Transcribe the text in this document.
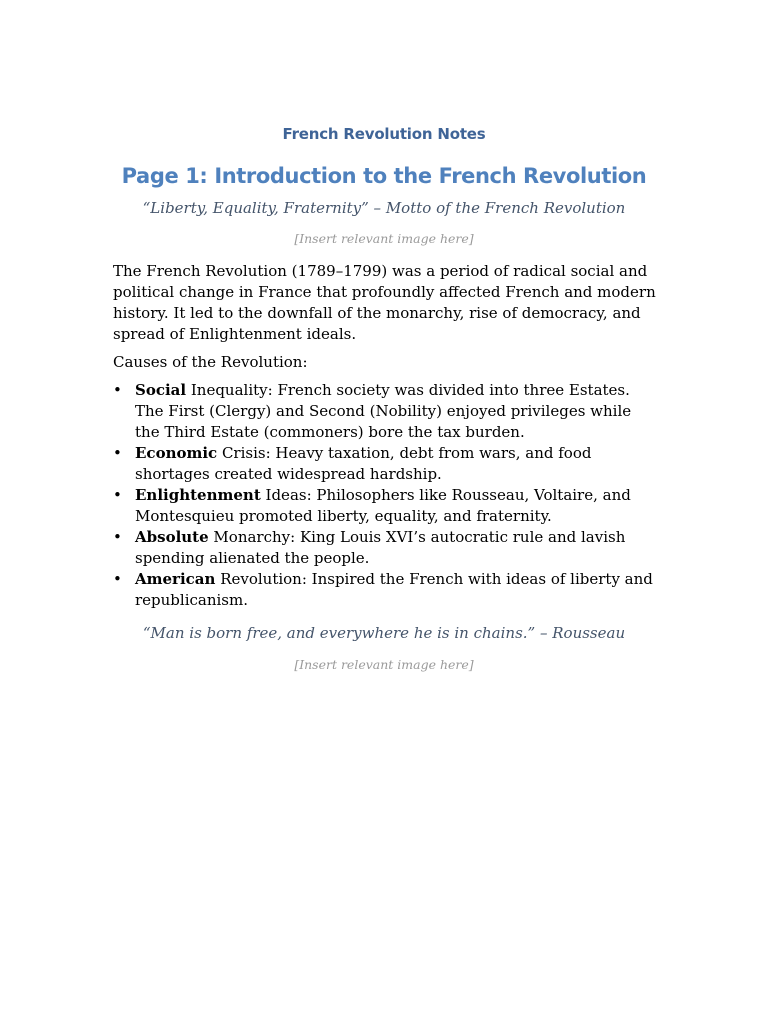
French Revolution Notes
Page 1: Introduction to the French Revolution
“Liberty, Equality, Fraternity” – Motto of the French Revolution
[Insert relevant image here]

The French Revolution (1789–1799) was a period of radical social and political change in France that profoundly affected French and modern history. It led to the downfall of the monarchy, rise of democracy, and spread of Enlightenment ideals.

Causes of the Revolution:

• Social Inequality: French society was divided into three Estates. The First (Clergy) and Second (Nobility) enjoyed privileges while the Third Estate (commoners) bore the tax burden.
• Economic Crisis: Heavy taxation, debt from wars, and food shortages created widespread hardship.
• Enlightenment Ideas: Philosophers like Rousseau, Voltaire, and Montesquieu promoted liberty, equality, and fraternity.
• Absolute Monarchy: King Louis XVI’s autocratic rule and lavish spending alienated the people.
• American Revolution: Inspired the French with ideas of liberty and republicanism.
“Man is born free, and everywhere he is in chains.” – Rousseau
[Insert relevant image here]
